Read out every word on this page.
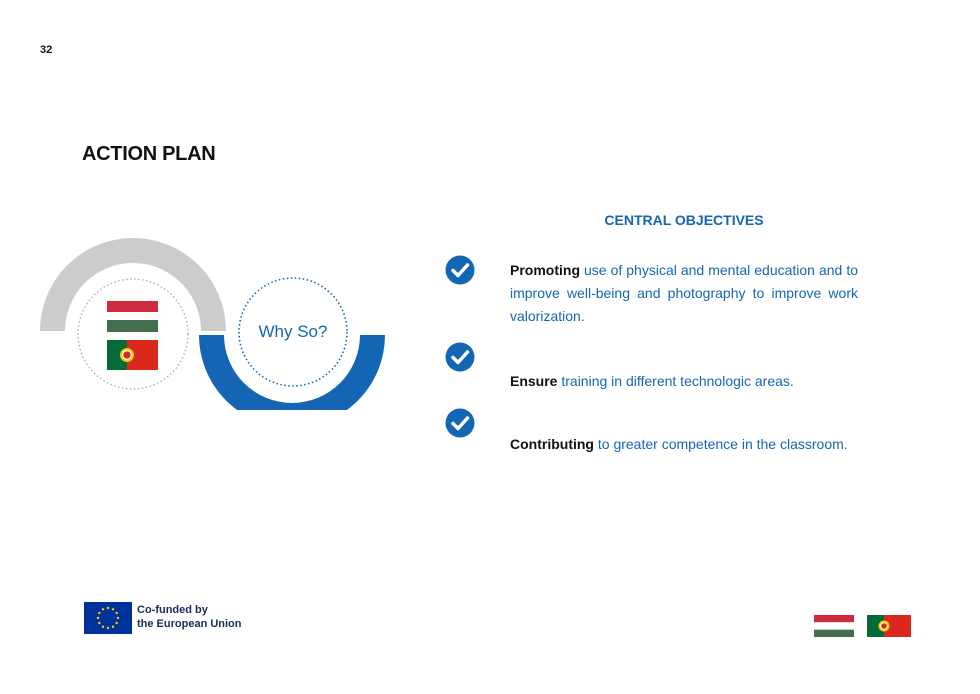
32
ACTION PLAN
Why So?
CENTRAL OBJECTIVES
Promoting use of physical and mental education and to improve well-being and photography to improve work valorization.
Ensure training in different technologic areas.
Contributing to greater competence in the classroom.
Co-funded by
the European Union
